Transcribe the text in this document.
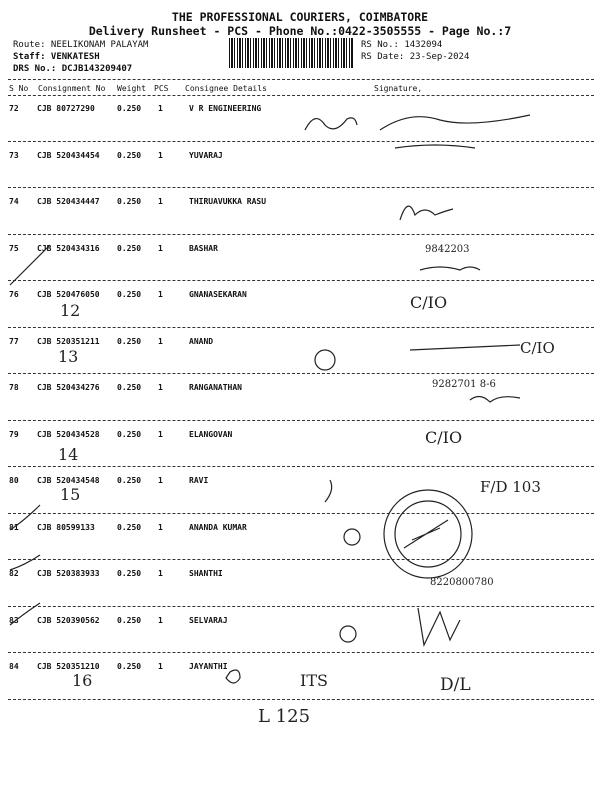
THE PROFESSIONAL COURIERS, COIMBATORE
Delivery Runsheet - PCS - Phone No.:0422-3505555 - Page No.:7
Route: NEELIKONAM PALAYAM
Staff: VENKATESH
DRS No.: DCJB143209407
RS No.: 1432094
RS Date: 23-Sep-2024
S No Consignment No Weight PCS Consignee Details	Signature,
72 CJB 80727290	0.250 1	V R ENGINEERING
73 CJB 520434454 0.250 1	YUVARAJ
74 CJB 520434447 0.250 1	THIRUAVUKKA RASU
75 CJB 520434316 0.250 1	BASHAR
76 CJB 520476050 0.250 1	GNANASEKARAN
77 CJB 520351211 0.250 1	ANAND
78 CJB 520434276 0.250 1	RANGANATHAN
79 CJB 520434528 0.250 1	ELANGOVAN
80 CJB 520434548 0.250 1	RAVI
81 CJB 80599133	0.250 1	ANANDA KUMAR
82 CJB 520383933 0.250 1	SHANTHI
83 CJB 520390562 0.250 1	SELVARAJ
84 CJB 520351210 0.250 1	JAYANTHI
12
13
14
15
16
C/IO
C/IO
C/IO
9842203
9282701 8-6
8220800780
F/D 103
D/L
ITS
L 125
